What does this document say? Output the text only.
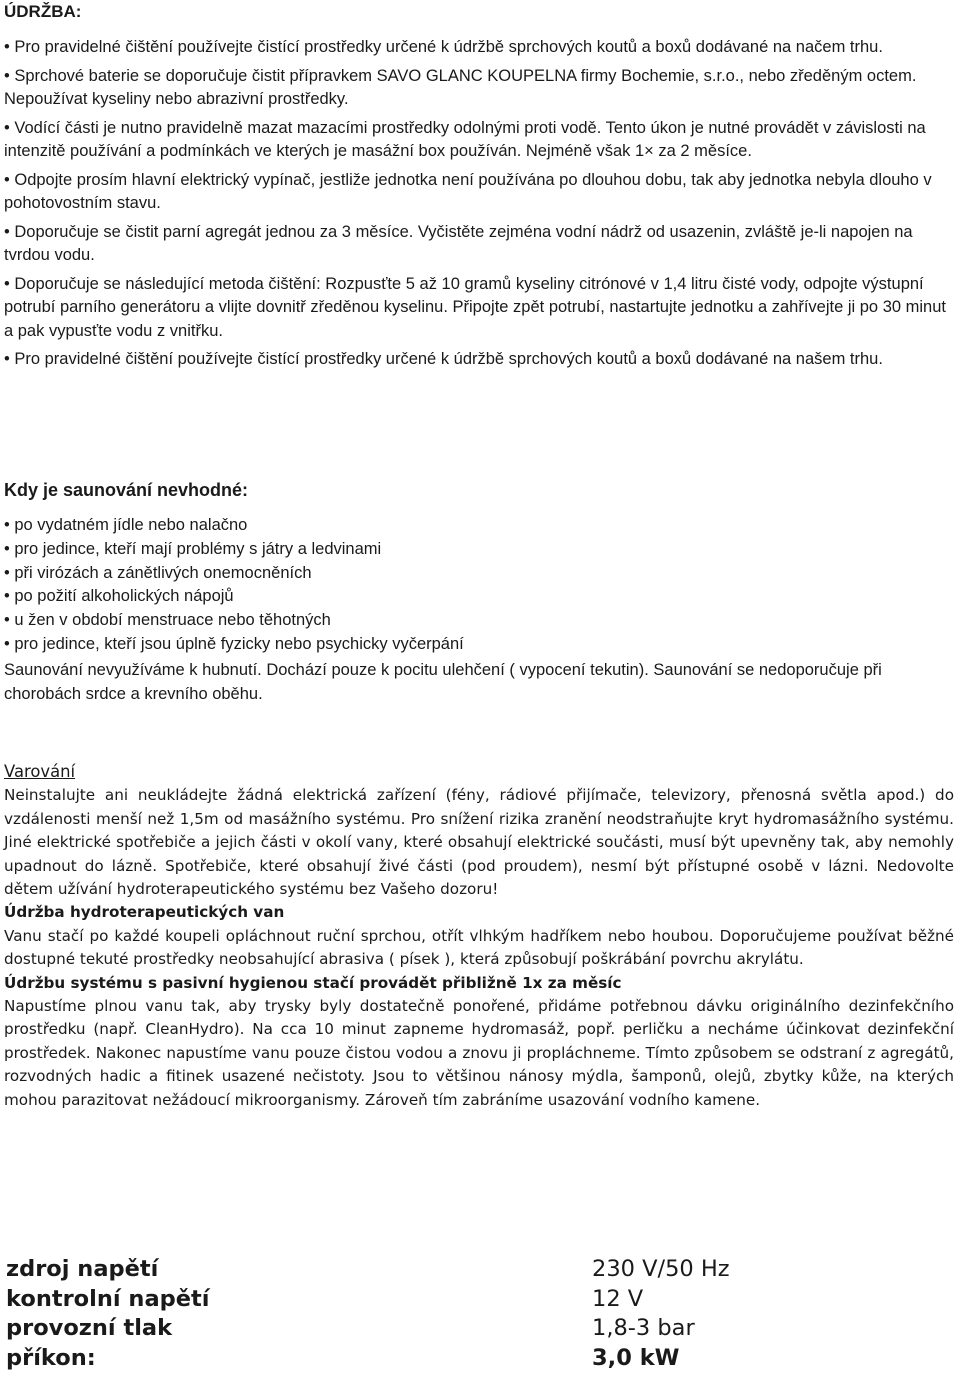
ÚDRŽBA:

• Pro pravidelné čištění používejte čistící prostředky určené k údržbě sprchových koutů a boxů dodávané na načem trhu.

• Sprchové baterie se doporučuje čistit přípravkem SAVO GLANC KOUPELNA firmy Bochemie, s.r.o., nebo zředěným octem. Nepoužívat kyseliny nebo abrazivní prostředky.

• Vodící části je nutno pravidelně mazat mazacími prostředky odolnými proti vodě. Tento úkon je nutné provádět v závislosti na intenzitě používání a podmínkách ve kterých je masážní box používán. Nejméně však 1× za 2 měsíce.

• Odpojte prosím hlavní elektrický vypínač, jestliže jednotka není používána po dlouhou dobu, tak aby jednotka nebyla dlouho v pohotovostním stavu.

• Doporučuje se čistit parní agregát jednou za 3 měsíce. Vyčistěte zejména vodní nádrž od usazenin, zvláště je-li napojen na tvrdou vodu.

• Doporučuje se následující metoda čištění: Rozpusťte 5 až 10 gramů kyseliny citrónové v 1,4 litru čisté vody, odpojte výstupní potrubí parního generátoru a vlijte dovnitř zředěnou kyselinu. Připojte zpět potrubí, nastartujte jednotku a zahřívejte ji po 30 minut a pak vypusťte vodu z vnitřku.

• Pro pravidelné čištění používejte čistící prostředky určené k údržbě sprchových koutů a boxů dodávané na našem trhu.

Kdy je saunování nevhodné:

• po vydatném jídle nebo nalačno

• pro jedince, kteří mají problémy s játry a ledvinami

• při virózách a zánětlivých onemocněních

• po požití alkoholických nápojů

• u žen v období menstruace nebo těhotných

• pro jedince, kteří jsou úplně fyzicky nebo psychicky vyčerpání

Saunování nevyužíváme k hubnutí. Dochází pouze k pocitu ulehčení ( vypocení tekutin). Saunování se nedoporučuje při chorobách srdce a krevního oběhu.

Varování

Neinstalujte ani neukládejte žádná elektrická zařízení (fény, rádiové přijímače, televizory, přenosná světla apod.) do vzdálenosti menší než 1,5m od masážního systému. Pro snížení rizika zranění neodstraňujte kryt hydromasážního systému. Jiné elektrické spotřebiče a jejich části v okolí vany, které obsahují elektrické součásti, musí být upevněny tak, aby nemohly upadnout do lázně. Spotřebiče, které obsahují živé části (pod proudem), nesmí být přístupné osobě v lázni. Nedovolte dětem užívání hydroterapeutického systému bez Vašeho dozoru!

Údržba hydroterapeutických van

Vanu stačí po každé koupeli opláchnout ruční sprchou, otřít vlhkým hadříkem nebo houbou. Doporučujeme používat běžné dostupné tekuté prostředky neobsahující abrasiva ( písek ), která způsobují poškrábání povrchu akrylátu.

Údržbu systému s pasivní hygienou stačí provádět přibližně 1x za měsíc

Napustíme plnou vanu tak, aby trysky byly dostatečně ponořené, přidáme potřebnou dávku originálního dezinfekčního prostředku (např. CleanHydro). Na cca 10 minut zapneme hydromasáž, popř. perličku a necháme účinkovat dezinfekční prostředek. Nakonec napustíme vanu pouze čistou vodou a znovu ji propláchneme. Tímto způsobem se odstraní z agregátů, rozvodných hadic a fitinek usazené nečistoty. Jsou to většinou nánosy mýdla, šamponů, olejů, zbytky kůže, na kterých mohou parazitovat nežádoucí mikroorganismy. Zároveň tím zabráníme usazování vodního kamene.

zdroj napětí	230 V/50 Hz
kontrolní napětí	12 V
provozní tlak	1,8-3 bar
příkon:	3,0 kW
